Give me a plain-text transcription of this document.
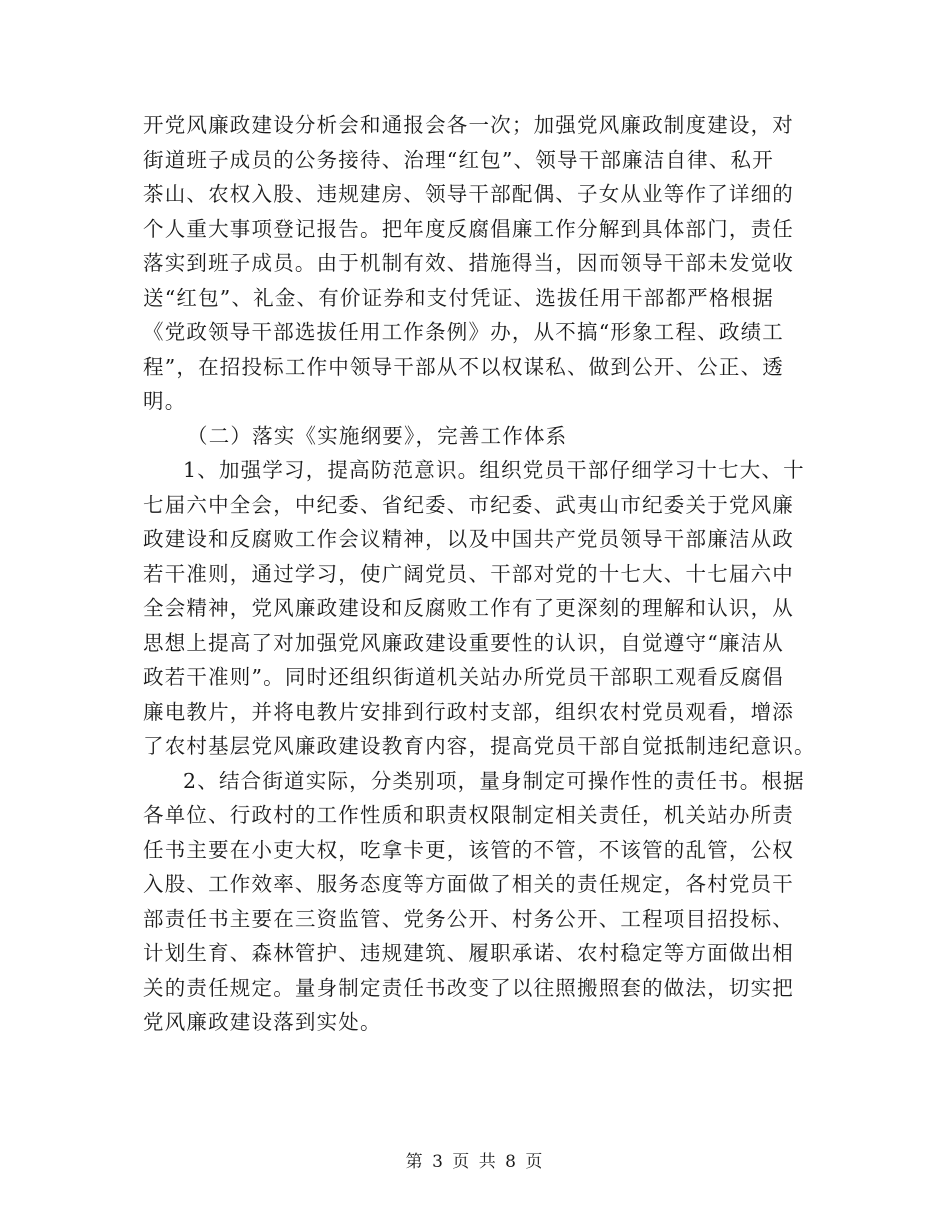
开党风廉政建设分析会和通报会各一次；加强党风廉政制度建设，对
街道班子成员的公务接待、治理“红包”、领导干部廉洁自律、私开
茶山、农权入股、违规建房、领导干部配偶、子女从业等作了详细的
个人重大事项登记报告。把年度反腐倡廉工作分解到具体部门，责任
落实到班子成员。由于机制有效、措施得当，因而领导干部未发觉收
送“红包”、礼金、有价证券和支付凭证、选拔任用干部都严格根据
《党政领导干部选拔任用工作条例》办，从不搞“形象工程、政绩工
程”，在招投标工作中领导干部从不以权谋私、做到公开、公正、透
明。
（二）落实《实施纲要》，完善工作体系
1、加强学习，提高防范意识。组织党员干部仔细学习十七大、十
七届六中全会，中纪委、省纪委、市纪委、武夷山市纪委关于党风廉
政建设和反腐败工作会议精神，以及中国共产党员领导干部廉洁从政
若干准则，通过学习，使广阔党员、干部对党的十七大、十七届六中
全会精神，党风廉政建设和反腐败工作有了更深刻的理解和认识，从
思想上提高了对加强党风廉政建设重要性的认识，自觉遵守“廉洁从
政若干准则”。同时还组织街道机关站办所党员干部职工观看反腐倡
廉电教片，并将电教片安排到行政村支部，组织农村党员观看，增添
了农村基层党风廉政建设教育内容，提高党员干部自觉抵制违纪意识。
2、结合街道实际，分类别项，量身制定可操作性的责任书。根据
各单位、行政村的工作性质和职责权限制定相关责任，机关站办所责
任书主要在小吏大权，吃拿卡更，该管的不管，不该管的乱管，公权
入股、工作效率、服务态度等方面做了相关的责任规定，各村党员干
部责任书主要在三资监管、党务公开、村务公开、工程项目招投标、
计划生育、森林管护、违规建筑、履职承诺、农村稳定等方面做出相
关的责任规定。量身制定责任书改变了以往照搬照套的做法，切实把
党风廉政建设落到实处。
第 3 页 共 8 页
